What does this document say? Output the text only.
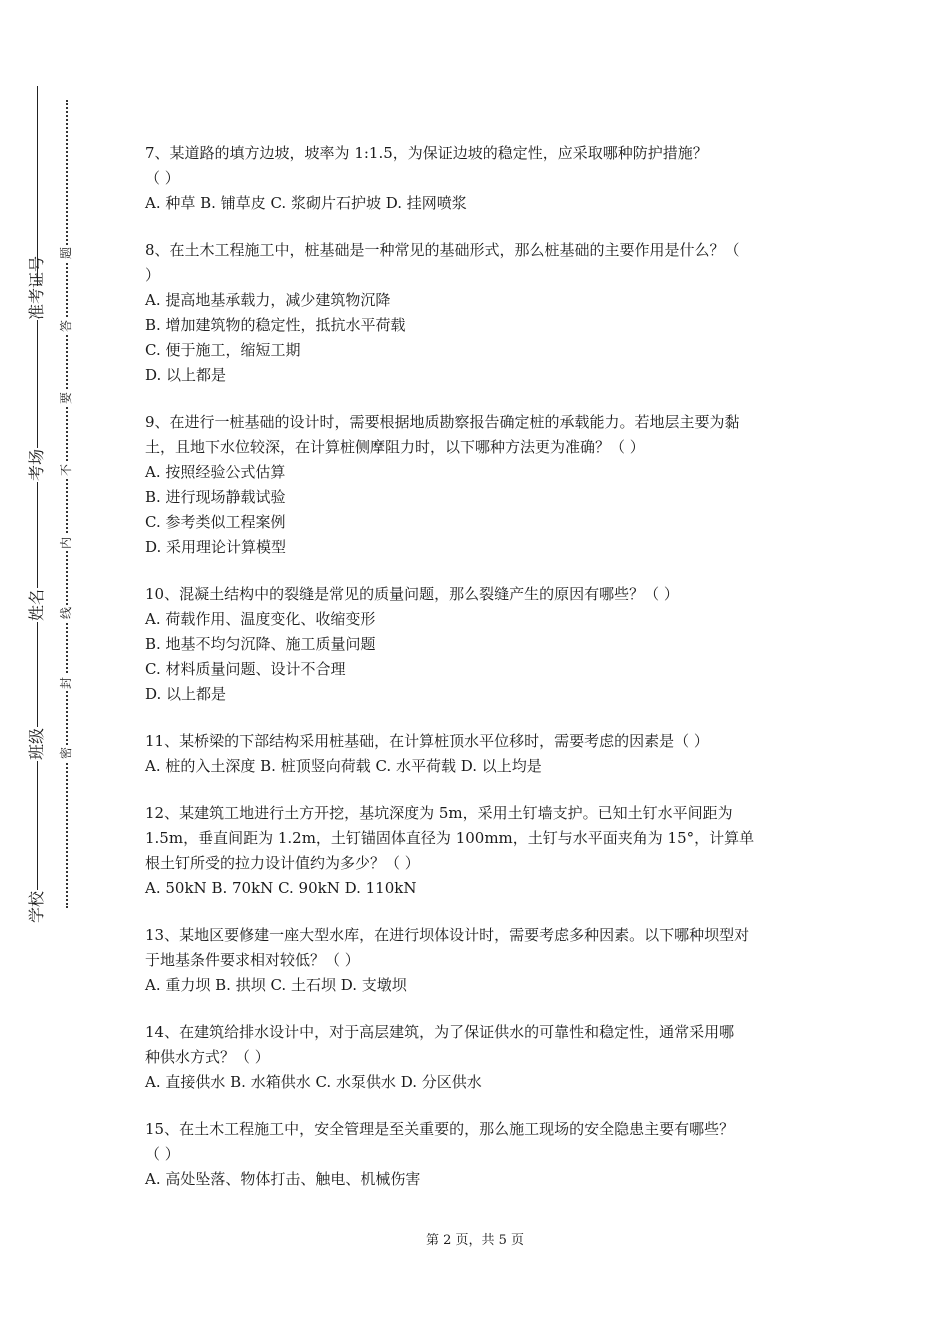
学校
班级
姓名
考场
准考证号
密
封
线
内
不
要
答
题
7、某道路的填方边坡，坡率为 1:1.5，为保证边坡的稳定性，应采取哪种防护措施？
（ ）
A. 种草 B. 铺草皮 C. 浆砌片石护坡 D. 挂网喷浆
8、在土木工程施工中，桩基础是一种常见的基础形式，那么桩基础的主要作用是什么？（
）
A. 提高地基承载力，减少建筑物沉降
B. 增加建筑物的稳定性，抵抗水平荷载
C. 便于施工，缩短工期
D. 以上都是
9、在进行一桩基础的设计时，需要根据地质勘察报告确定桩的承载能力。若地层主要为黏
土，且地下水位较深，在计算桩侧摩阻力时，以下哪种方法更为准确？（ ）
A. 按照经验公式估算
B. 进行现场静载试验
C. 参考类似工程案例
D. 采用理论计算模型
10、混凝土结构中的裂缝是常见的质量问题，那么裂缝产生的原因有哪些？（ ）
A. 荷载作用、温度变化、收缩变形
B. 地基不均匀沉降、施工质量问题
C. 材料质量问题、设计不合理
D. 以上都是
11、某桥梁的下部结构采用桩基础，在计算桩顶水平位移时，需要考虑的因素是（ ）
A. 桩的入土深度 B. 桩顶竖向荷载 C. 水平荷载 D. 以上均是
12、某建筑工地进行土方开挖，基坑深度为 5m，采用土钉墙支护。已知土钉水平间距为
1.5m，垂直间距为 1.2m，土钉锚固体直径为 100mm，土钉与水平面夹角为 15°，计算单
根土钉所受的拉力设计值约为多少？（ ）
A. 50kN B. 70kN C. 90kN D. 110kN
13、某地区要修建一座大型水库，在进行坝体设计时，需要考虑多种因素。以下哪种坝型对
于地基条件要求相对较低？（ ）
A. 重力坝 B. 拱坝 C. 土石坝 D. 支墩坝
14、在建筑给排水设计中，对于高层建筑，为了保证供水的可靠性和稳定性，通常采用哪
种供水方式？（ ）
A. 直接供水 B. 水箱供水 C. 水泵供水 D. 分区供水
15、在土木工程施工中，安全管理是至关重要的，那么施工现场的安全隐患主要有哪些？
（ ）
A. 高处坠落、物体打击、触电、机械伤害
第 2 页，共 5 页
